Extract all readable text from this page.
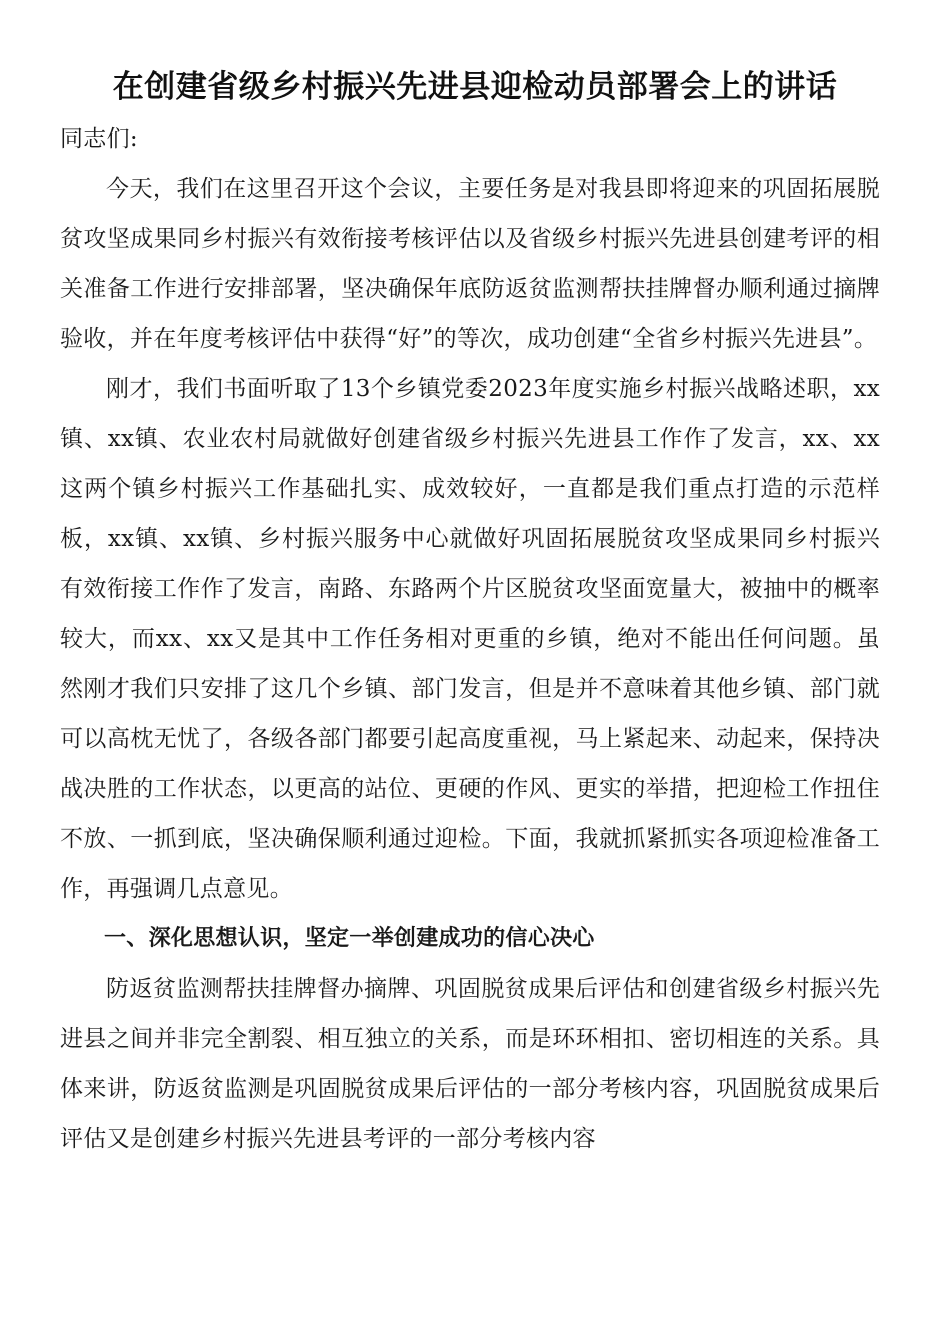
在创建省级乡村振兴先进县迎检动员部署会上的讲话

同志们:

今天，我们在这里召开这个会议，主要任务是对我县即将迎来的巩固拓展脱贫攻坚成果同乡村振兴有效衔接考核评估以及省级乡村振兴先进县创建考评的相关准备工作进行安排部署，坚决确保年底防返贫监测帮扶挂牌督办顺利通过摘牌验收，并在年度考核评估中获得“好”的等次，成功创建“全省乡村振兴先进县”。

刚才，我们书面听取了13个乡镇党委2023年度实施乡村振兴战略述职，xx镇、xx镇、农业农村局就做好创建省级乡村振兴先进县工作作了发言，xx、xx这两个镇乡村振兴工作基础扎实、成效较好，一直都是我们重点打造的示范样板，xx镇、xx镇、乡村振兴服务中心就做好巩固拓展脱贫攻坚成果同乡村振兴有效衔接工作作了发言，南路、东路两个片区脱贫攻坚面宽量大，被抽中的概率较大，而xx、xx又是其中工作任务相对更重的乡镇，绝对不能出任何问题。虽然刚才我们只安排了这几个乡镇、部门发言，但是并不意味着其他乡镇、部门就可以高枕无忧了，各级各部门都要引起高度重视，马上紧起来、动起来，保持决战决胜的工作状态，以更高的站位、更硬的作风、更实的举措，把迎检工作扭住不放、一抓到底，坚决确保顺利通过迎检。下面，我就抓紧抓实各项迎检准备工作，再强调几点意见。

一、深化思想认识，坚定一举创建成功的信心决心

防返贫监测帮扶挂牌督办摘牌、巩固脱贫成果后评估和创建省级乡村振兴先进县之间并非完全割裂、相互独立的关系，而是环环相扣、密切相连的关系。具体来讲，防返贫监测是巩固脱贫成果后评估的一部分考核内容，巩固脱贫成果后评估又是创建乡村振兴先进县考评的一部分考核内容
